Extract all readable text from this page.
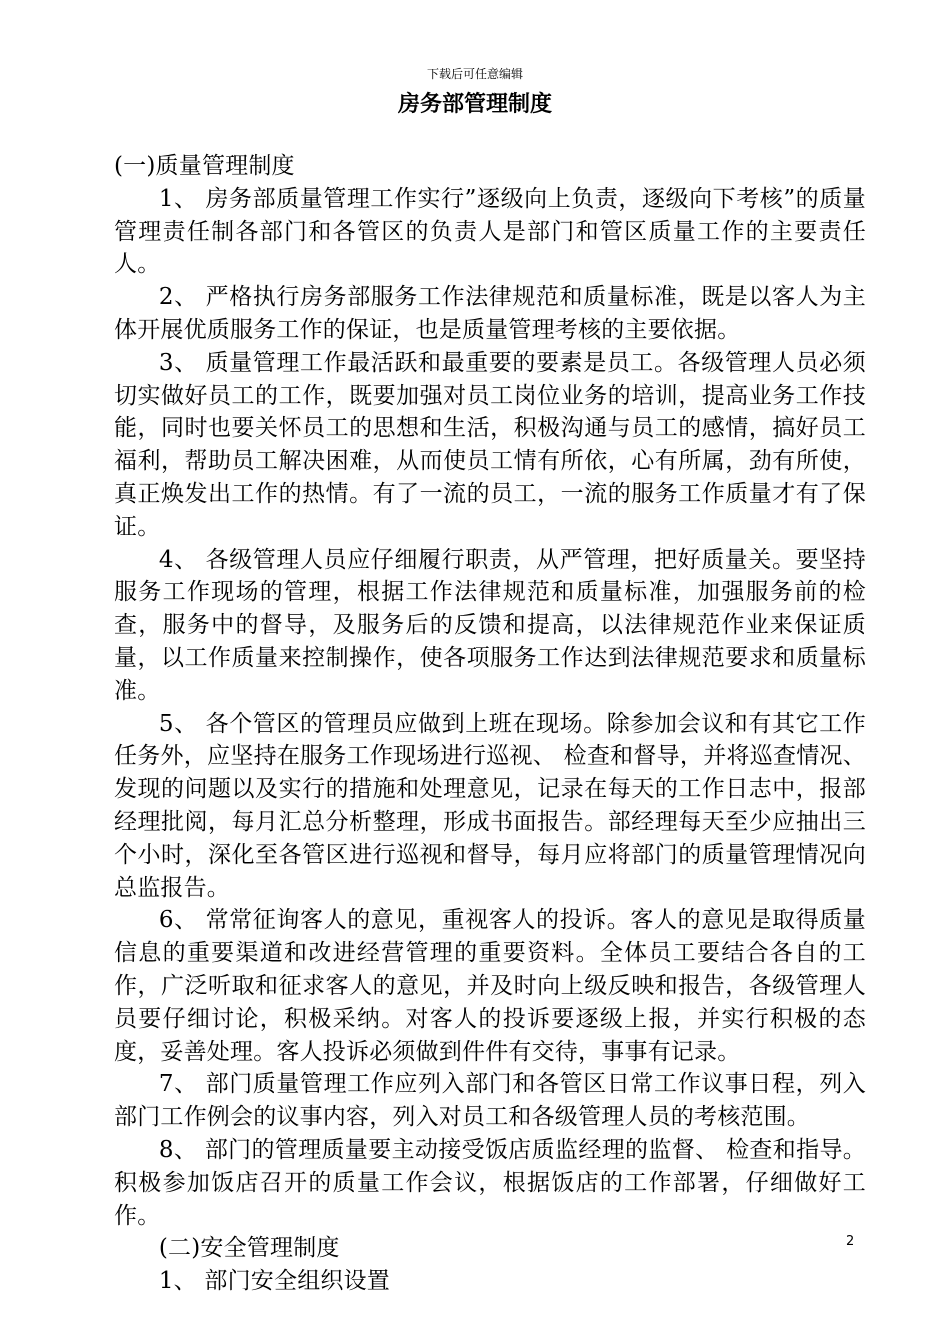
下载后可任意编辑
房务部管理制度

(一)质量管理制度

1、 房务部质量管理工作实行”逐级向上负责，逐级向下考核”的质量管理责任制各部门和各管区的负责人是部门和管区质量工作的主要责任人。

2、 严格执行房务部服务工作法律规范和质量标准，既是以客人为主体开展优质服务工作的保证，也是质量管理考核的主要依据。

3、 质量管理工作最活跃和最重要的要素是员工。各级管理人员必须切实做好员工的工作，既要加强对员工岗位业务的培训，提高业务工作技能，同时也要关怀员工的思想和生活，积极沟通与员工的感情，搞好员工福利，帮助员工解决困难，从而使员工情有所依，心有所属，劲有所使，真正焕发出工作的热情。有了一流的员工，一流的服务工作质量才有了保证。

4、 各级管理人员应仔细履行职责，从严管理，把好质量关。要坚持服务工作现场的管理，根据工作法律规范和质量标准，加强服务前的检查，服务中的督导，及服务后的反馈和提高，以法律规范作业来保证质量，以工作质量来控制操作，使各项服务工作达到法律规范要求和质量标准。

5、 各个管区的管理员应做到上班在现场。除参加会议和有其它工作任务外，应坚持在服务工作现场进行巡视、 检查和督导，并将巡查情况、发现的问题以及实行的措施和处理意见，记录在每天的工作日志中，报部经理批阅，每月汇总分析整理，形成书面报告。部经理每天至少应抽出三个小时，深化至各管区进行巡视和督导，每月应将部门的质量管理情况向总监报告。

6、 常常征询客人的意见，重视客人的投诉。客人的意见是取得质量信息的重要渠道和改进经营管理的重要资料。全体员工要结合各自的工作，广泛听取和征求客人的意见，并及时向上级反映和报告，各级管理人员要仔细讨论，积极采纳。对客人的投诉要逐级上报，并实行积极的态度，妥善处理。客人投诉必须做到件件有交待，事事有记录。

7、 部门质量管理工作应列入部门和各管区日常工作议事日程，列入部门工作例会的议事内容，列入对员工和各级管理人员的考核范围。

8、 部门的管理质量要主动接受饭店质监经理的监督、 检查和指导。积极参加饭店召开的质量工作会议，根据饭店的工作部署，仔细做好工作。

(二)安全管理制度

1、 部门安全组织设置

2
